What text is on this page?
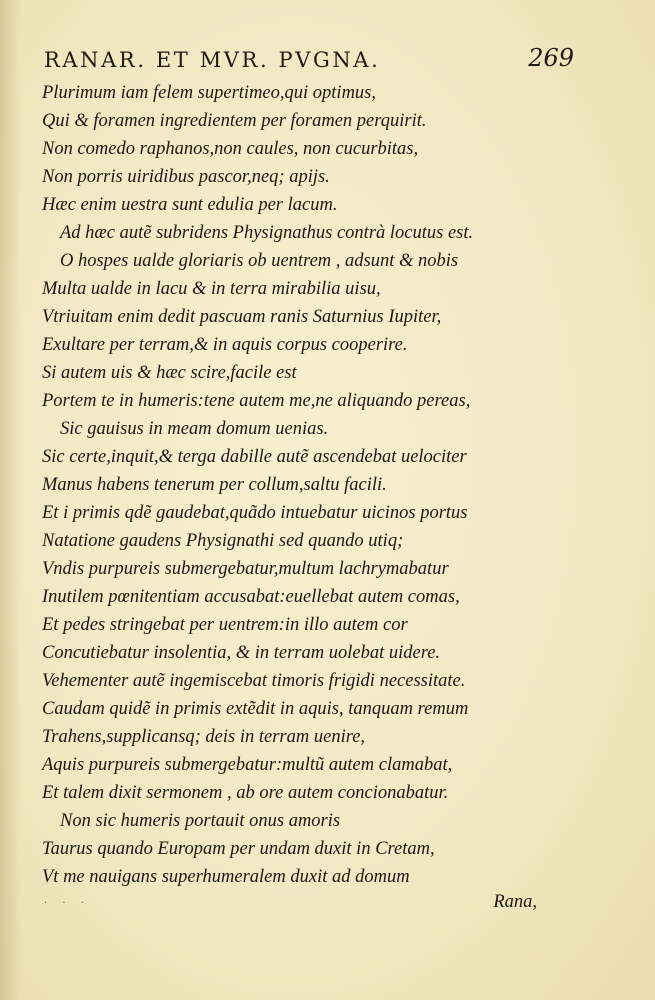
RANAR. ET MVR. PVGNA.	269
Plurimum iam felem supertimeo,qui optimus,
Qui & foramen ingredientem per foramen perquirit.
Non comedo raphanos,non caules, non cucurbitas,
Non porris uiridibus pascor,neq; apijs.
Hæc enim uestra sunt edulia per lacum.
Ad hæc autẽ subridens Physignathus contrà locutus est.
O hospes ualde gloriaris ob uentrem , adsunt & nobis
Multa ualde in lacu & in terra mirabilia uisu,
Vtriuitam enim dedit pascuam ranis Saturnius Iupiter,
Exultare per terram,& in aquis corpus cooperire.
Si autem uis & hæc scire,facile est
Portem te in humeris:tene autem me,ne aliquando pereas,
Sic gauisus in meam domum uenias.
Sic certe,inquit,& terga dabille autẽ ascendebat uelociter
Manus habens tenerum per collum,saltu facili.
Et i primis qdẽ gaudebat,quãdo intuebatur uicinos portus
Natatione gaudens Physignathi sed quando utiq;
Vndis purpureis submergebatur,multum lachrymabatur
Inutilem pœnitentiam accusabat:euellebat autem comas,
Et pedes stringebat per uentrem:in illo autem cor
Concutiebatur insolentia, & in terram uolebat uidere.
Vehementer autẽ ingemiscebat timoris frigidi necessitate.
Caudam quidẽ in primis extẽdit in aquis, tanquam remum
Trahens,supplicansq; deis in terram uenire,
Aquis purpureis submergebatur:multũ autem clamabat,
Et talem dixit sermonem , ab ore autem concionabatur.
Non sic humeris portauit onus amoris
Taurus quando Europam per undam duxit in Cretam,
Vt me nauigans superhumeralem duxit ad domum
· · ·	Rana,
